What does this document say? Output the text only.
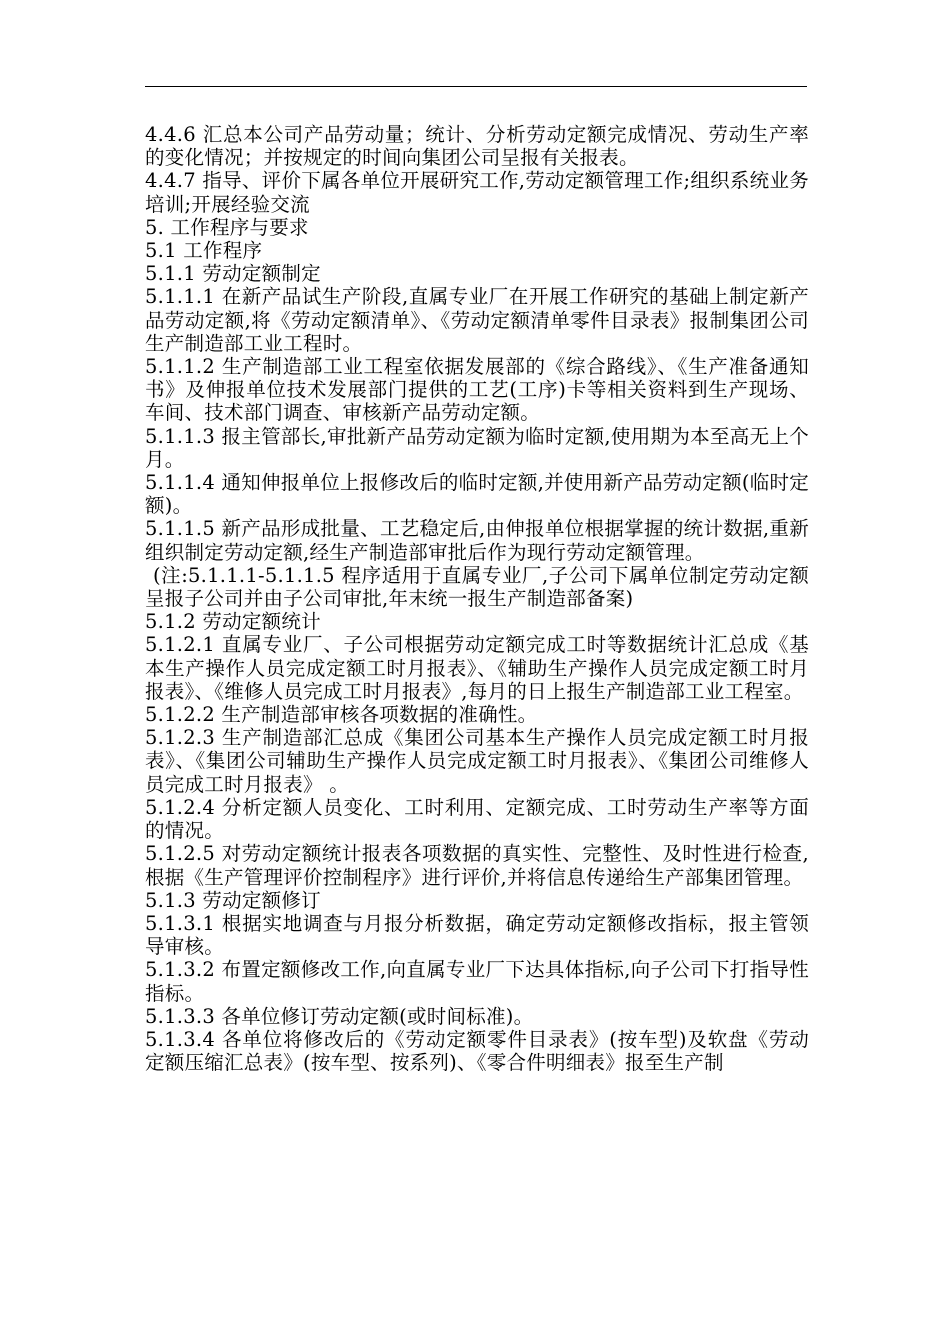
4.4.6 汇总本公司产品劳动量；统计、分析劳动定额完成情况、劳动生产率的变化情况；并按规定的时间向集团公司呈报有关报表。

4.4.7 指导、评价下属各单位开展研究工作,劳动定额管理工作;组织系统业务培训;开展经验交流

5. 工作程序与要求

5.1 工作程序

5.1.1 劳动定额制定

5.1.1.1 在新产品试生产阶段,直属专业厂在开展工作研究的基础上制定新产品劳动定额,将《劳动定额清单》、《劳动定额清单零件目录表》报制集团公司生产制造部工业工程时。

5.1.1.2 生产制造部工业工程室依据发展部的《综合路线》、《生产准备通知书》及伸报单位技术发展部门提供的工艺(工序)卡等相关资料到生产现场、车间、技术部门调查、审核新产品劳动定额。

5.1.1.3 报主管部长,审批新产品劳动定额为临时定额,使用期为本至高无上个月。

5.1.1.4 通知伸报单位上报修改后的临时定额,并使用新产品劳动定额(临时定额)。

5.1.1.5 新产品形成批量、工艺稳定后,由伸报单位根据掌握的统计数据,重新组织制定劳动定额,经生产制造部审批后作为现行劳动定额管理。

(注:5.1.1.1-5.1.1.5 程序适用于直属专业厂,子公司下属单位制定劳动定额呈报子公司并由子公司审批,年末统一报生产制造部备案)

5.1.2 劳动定额统计

5.1.2.1 直属专业厂、子公司根据劳动定额完成工时等数据统计汇总成《基本生产操作人员完成定额工时月报表》、《辅助生产操作人员完成定额工时月报表》、《维修人员完成工时月报表》,每月的日上报生产制造部工业工程室。

5.1.2.2 生产制造部审核各项数据的准确性。

5.1.2.3 生产制造部汇总成《集团公司基本生产操作人员完成定额工时月报表》、《集团公司辅助生产操作人员完成定额工时月报表》、《集团公司维修人员完成工时月报表》 。

5.1.2.4 分析定额人员变化、工时利用、定额完成、工时劳动生产率等方面的情况。

5.1.2.5 对劳动定额统计报表各项数据的真实性、完整性、及时性进行检查,根据《生产管理评价控制程序》进行评价,并将信息传递给生产部集团管理。

5.1.3 劳动定额修订

5.1.3.1 根据实地调查与月报分析数据，确定劳动定额修改指标，报主管领导审核。

5.1.3.2 布置定额修改工作,向直属专业厂下达具体指标,向子公司下打指导性指标。

5.1.3.3 各单位修订劳动定额(或时间标准)。

5.1.3.4 各单位将修改后的《劳动定额零件目录表》(按车型)及软盘《劳动定额压缩汇总表》(按车型、按系列)、《零合件明细表》报至生产制
